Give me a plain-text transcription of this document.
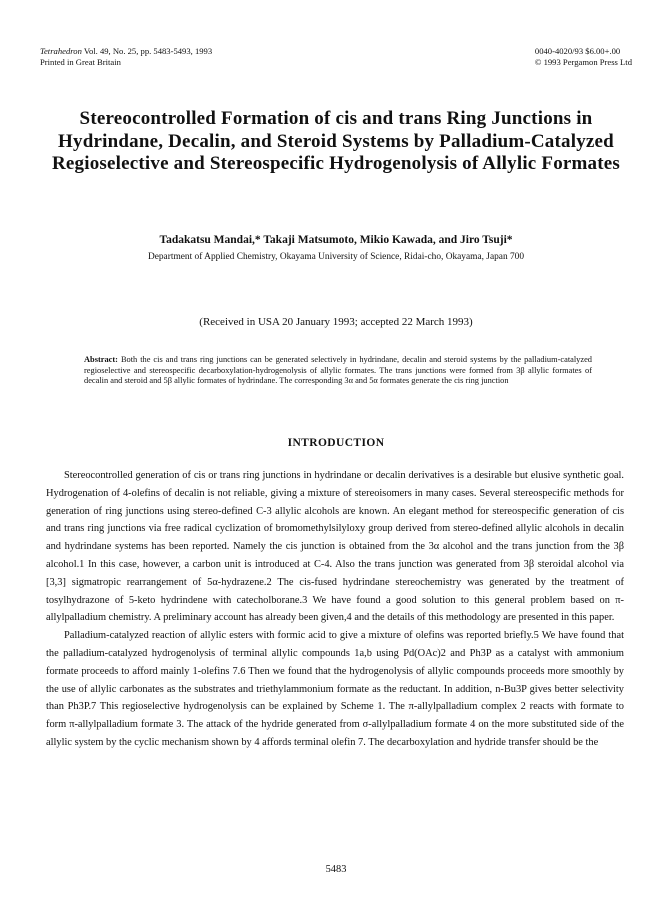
Tetrahedron Vol. 49, No. 25, pp. 5483-5493, 1993
Printed in Great Britain
0040-4020/93 $6.00+.00
© 1993 Pergamon Press Ltd
Stereocontrolled Formation of cis and trans Ring Junctions in Hydrindane, Decalin, and Steroid Systems by Palladium-Catalyzed Regioselective and Stereospecific Hydrogenolysis of Allylic Formates
Tadakatsu Mandai,* Takaji Matsumoto, Mikio Kawada, and Jiro Tsuji*
Department of Applied Chemistry, Okayama University of Science, Ridai-cho, Okayama, Japan 700
(Received in USA 20 January 1993; accepted 22 March 1993)
Abstract: Both the cis and trans ring junctions can be generated selectively in hydrindane, decalin and steroid systems by the palladium-catalyzed regioselective and stereospecific decarboxylation-hydrogenolysis of allylic formates. The trans junctions were formed from 3β allylic formates of decalin and steroid and 5β allylic formates of hydrindane. The corresponding 3α and 5α formates generate the cis ring junction
INTRODUCTION

Stereocontrolled generation of cis or trans ring junctions in hydrindane or decalin derivatives is a desirable but elusive synthetic goal. Hydrogenation of 4-olefins of decalin is not reliable, giving a mixture of stereoisomers in many cases. Several stereospecific methods for generation of ring junctions using stereo-defined C-3 allylic alcohols are known. An elegant method for stereospecific generation of cis and trans ring junctions via free radical cyclization of bromomethylsilyloxy group derived from stereo-defined allylic alcohols in decalin and hydrindane systems has been reported. Namely the cis junction is obtained from the 3α alcohol and the trans junction from the 3β alcohol.1 In this case, however, a carbon unit is introduced at C-4. Also the trans junction was generated from 3β steroidal alcohol via [3,3] sigmatropic rearrangement of 5α-hydrazene.2 The cis-fused hydrindane stereochemistry was generated by the treatment of tosylhydrazone of 5-keto hydrindene with catecholborane.3 We have found a good solution to this general problem based on π-allylpalladium chemistry. A preliminary account has already been given,4 and the details of this methodology are presented in this paper.

Palladium-catalyzed reaction of allylic esters with formic acid to give a mixture of olefins was reported briefly.5 We have found that the palladium-catalyzed hydrogenolysis of terminal allylic compounds 1a,b using Pd(OAc)2 and Ph3P as a catalyst with ammonium formate proceeds to afford mainly 1-olefins 7.6 Then we found that the hydrogenolysis of allylic compounds proceeds more smoothly by the use of allylic carbonates as the substrates and triethylammonium formate as the reductant. In addition, n-Bu3P gives better selectivity than Ph3P.7 This regioselective hydrogenolysis can be explained by Scheme 1. The π-allylpalladium complex 2 reacts with formate to form π-allylpalladium formate 3. The attack of the hydride generated from σ-allylpalladium formate 4 on the more substituted side of the allylic system by the cyclic mechanism shown by 4 affords terminal olefin 7. The decarboxylation and hydride transfer should be the

5483
